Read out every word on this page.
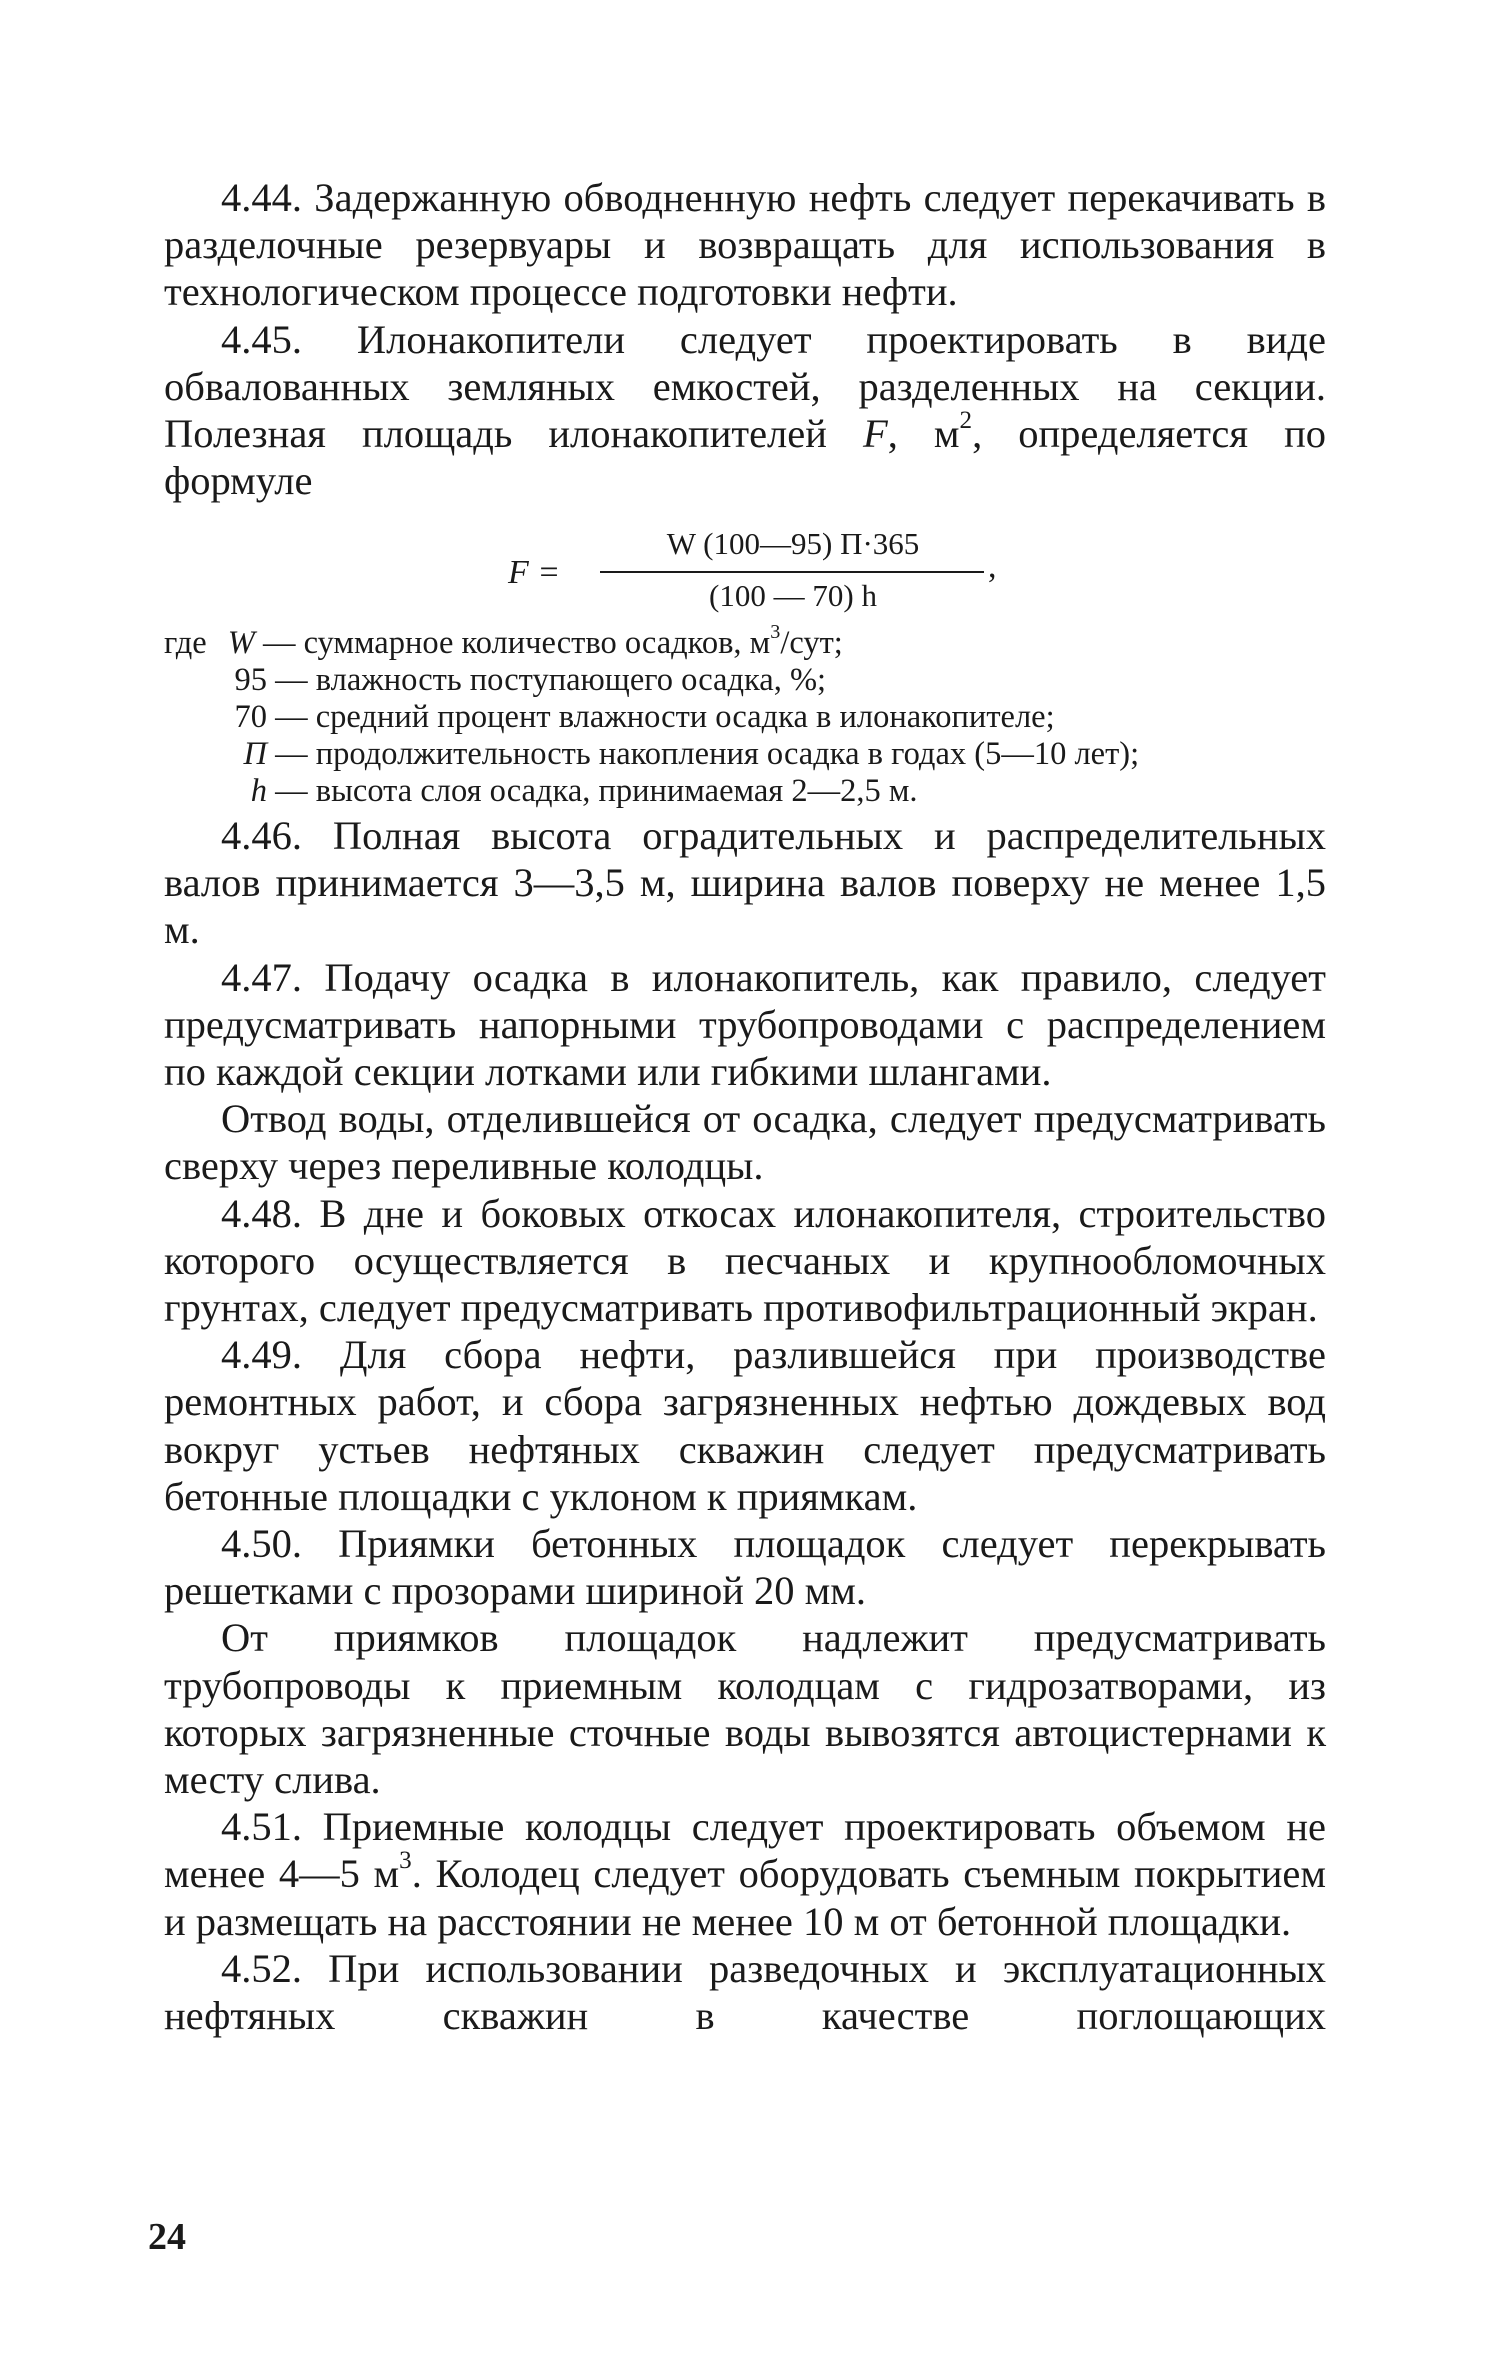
4.44. Задержанную обводненную нефть следует перекачивать в разделочные резервуары и возвращать для использования в технологическом процессе подготовки нефти.

4.45. Илонакопители следует проектировать в виде обвалованных земляных емкостей, разделенных на секции. Полезная площадь илонакопителей F, $м^2$, определяется по формуле

F =
W (100—95) П·365
(100 — 70) h
,

где W — суммарное количество осадков, $м^3$/сут;

95 — влажность поступающего осадка, %;

70 — средний процент влажности осадка в илонакопителе;

П — продолжительность накопления осадка в годах (5—10 лет);

h — высота слоя осадка, принимаемая 2—2,5 м.

4.46. Полная высота оградительных и распределительных валов принимается 3—3,5 м, ширина валов поверху не менее 1,5 м.

4.47. Подачу осадка в илонакопитель, как правило, следует предусматривать напорными трубопроводами с распределением по каждой секции лотками или гибкими шлангами.

Отвод воды, отделившейся от осадка, следует предусматривать сверху через переливные колодцы.

4.48. В дне и боковых откосах илонакопителя, строительство которого осуществляется в песчаных и крупнообломочных грунтах, следует предусматривать противофильтрационный экран.

4.49. Для сбора нефти, разлившейся при производстве ремонтных работ, и сбора загрязненных нефтью дождевых вод вокруг устьев нефтяных скважин следует предусматривать бетонные площадки с уклоном к приямкам.

4.50. Приямки бетонных площадок следует перекрывать решетками с прозорами шириной 20 мм.

От приямков площадок надлежит предусматривать трубопроводы к приемным колодцам с гидрозатворами, из которых загрязненные сточные воды вывозятся автоцистернами к месту слива.

4.51. Приемные колодцы следует проектировать объемом не менее 4—5 $м^3$. Колодец следует оборудовать съемным покрытием и размещать на расстоянии не менее 10 м от бетонной площадки.

4.52. При использовании разведочных и эксплуатационных нефтяных скважин в качестве поглощающих

24
